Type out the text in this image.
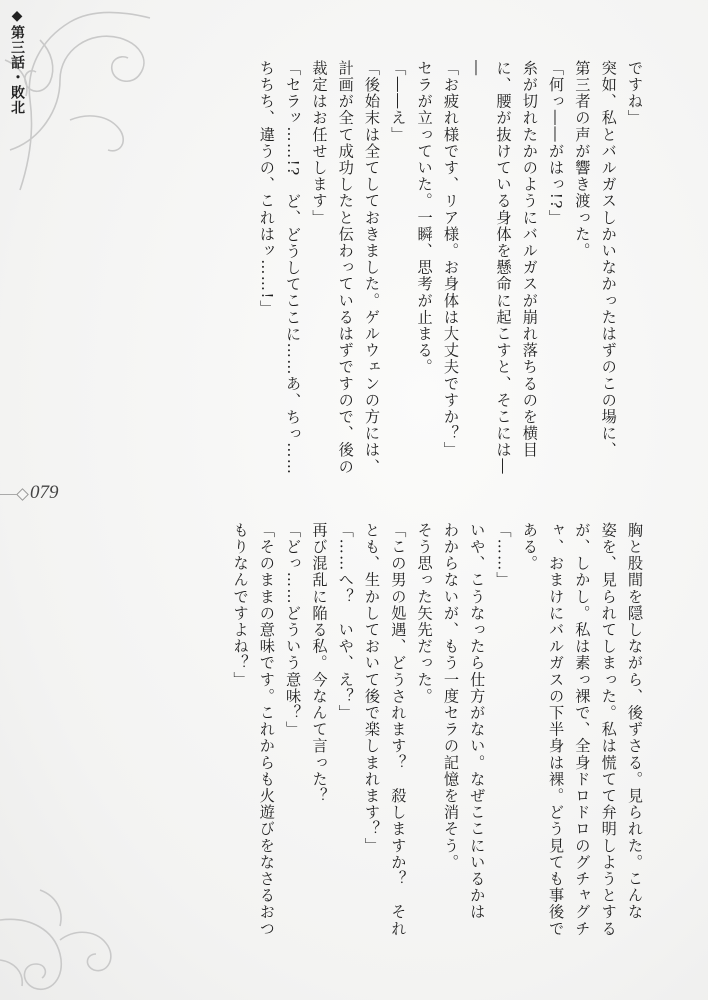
◆第三話・敗北
079
ですね」
突如、私とバルガスしかいなかったはずのこの場に、
第三者の声が響き渡った。
「何っ――がはっ!?」
糸が切れたかのようにバルガスが崩れ落ちるのを横目
に、腰が抜けている身体を懸命に起こすと、そこには―
―
「お疲れ様です、リア様。お身体は大丈夫ですか？」
セラが立っていた。一瞬、思考が止まる。
「――え」
「後始末は全てしておきました。ゲルウェンの方には、
計画が全て成功したと伝わっているはずですので、後の
裁定はお任せします」
「セラッ……!?　ど、どうしてここに……あ、ちっ……
ちちち、違うの、これはッ……!」
胸と股間を隠しながら、後ずさる。見られた。こんな
姿を、見られてしまった。私は慌てて弁明しようとする
が、しかし。私は素っ裸で、全身ドロドロのグチャグチ
ャ、おまけにバルガスの下半身は裸。どう見ても事後で
ある。
「……」
いや、こうなったら仕方がない。なぜここにいるかは
わからないが、もう一度セラの記憶を消そう。
そう思った矢先だった。
「この男の処遇、どうされます？　殺しますか？　それ
とも、生かしておいて後で楽しまれます？」
「……へ？　いや、え？」
再び混乱に陥る私。今なんて言った？
「どっ……どういう意味？」
「そのままの意味です。これからも火遊びをなさるおつ
もりなんですよね？」
